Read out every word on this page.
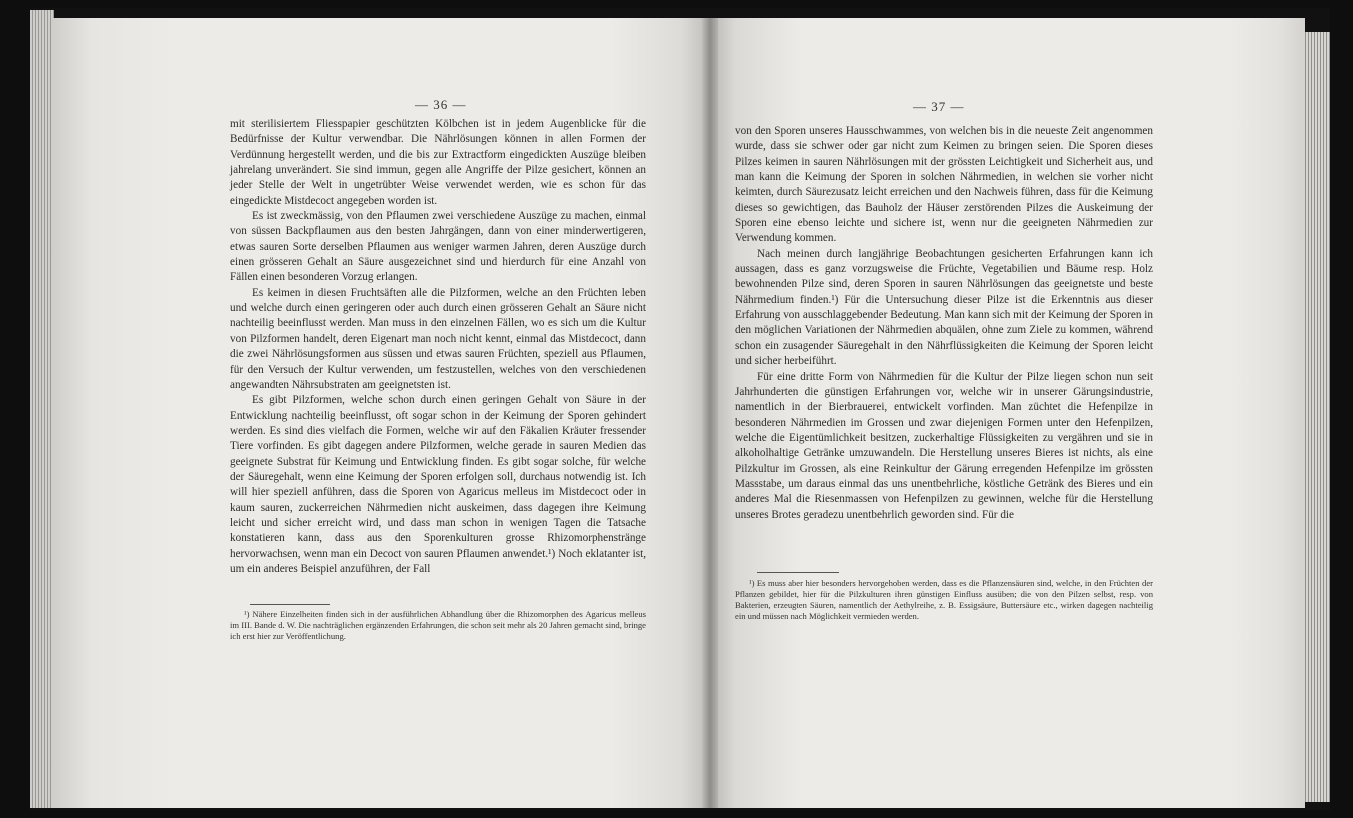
— 36 —

mit sterilisiertem Fliesspapier geschützten Kölbchen ist in jedem Augenblicke für die Bedürfnisse der Kultur verwendbar. Die Nährlösungen können in allen Formen der Verdünnung hergestellt werden, und die bis zur Extractform eingedickten Auszüge bleiben jahrelang unverändert. Sie sind immun, gegen alle Angriffe der Pilze gesichert, können an jeder Stelle der Welt in ungetrübter Weise verwendet werden, wie es schon für das eingedickte Mistdecoct angegeben worden ist.

Es ist zweckmässig, von den Pflaumen zwei verschiedene Auszüge zu machen, einmal von süssen Backpflaumen aus den besten Jahrgängen, dann von einer minderwertigeren, etwas sauren Sorte derselben Pflaumen aus weniger warmen Jahren, deren Auszüge durch einen grösseren Gehalt an Säure ausgezeichnet sind und hierdurch für eine Anzahl von Fällen einen besonderen Vorzug erlangen.

Es keimen in diesen Fruchtsäften alle die Pilzformen, welche an den Früchten leben und welche durch einen geringeren oder auch durch einen grösseren Gehalt an Säure nicht nachteilig beeinflusst werden. Man muss in den einzelnen Fällen, wo es sich um die Kultur von Pilzformen handelt, deren Eigenart man noch nicht kennt, einmal das Mistdecoct, dann die zwei Nährlösungsformen aus süssen und etwas sauren Früchten, speziell aus Pflaumen, für den Versuch der Kultur verwenden, um festzustellen, welches von den verschiedenen angewandten Nährsubstraten am geeignetsten ist.

Es gibt Pilzformen, welche schon durch einen geringen Gehalt von Säure in der Entwicklung nachteilig beeinflusst, oft sogar schon in der Keimung der Sporen gehindert werden. Es sind dies vielfach die Formen, welche wir auf den Fäkalien Kräuter fressender Tiere vorfinden. Es gibt dagegen andere Pilzformen, welche gerade in sauren Medien das geeignete Substrat für Keimung und Entwicklung finden. Es gibt sogar solche, für welche der Säuregehalt, wenn eine Keimung der Sporen erfolgen soll, durchaus notwendig ist. Ich will hier speziell anführen, dass die Sporen von Agaricus melleus im Mistdecoct oder in kaum sauren, zuckerreichen Nährmedien nicht auskeimen, dass dagegen ihre Keimung leicht und sicher erreicht wird, und dass man schon in wenigen Tagen die Tatsache konstatieren kann, dass aus den Sporenkulturen grosse Rhizomorphenstränge hervorwachsen, wenn man ein Decoct von sauren Pflaumen anwendet.¹) Noch eklatanter ist, um ein anderes Beispiel anzuführen, der Fall

¹) Nähere Einzelheiten finden sich in der ausführlichen Abhandlung über die Rhizomorphen des Agaricus melleus im III. Bande d. W. Die nachträglichen ergänzenden Erfahrungen, die schon seit mehr als 20 Jahren gemacht sind, bringe ich erst hier zur Veröffentlichung.

— 37 —

von den Sporen unseres Hausschwammes, von welchen bis in die neueste Zeit angenommen wurde, dass sie schwer oder gar nicht zum Keimen zu bringen seien. Die Sporen dieses Pilzes keimen in sauren Nährlösungen mit der grössten Leichtigkeit und Sicherheit aus, und man kann die Keimung der Sporen in solchen Nährmedien, in welchen sie vorher nicht keimten, durch Säurezusatz leicht erreichen und den Nachweis führen, dass für die Keimung dieses so gewichtigen, das Bauholz der Häuser zerstörenden Pilzes die Auskeimung der Sporen eine ebenso leichte und sichere ist, wenn nur die geeigneten Nährmedien zur Verwendung kommen.

Nach meinen durch langjährige Beobachtungen gesicherten Erfahrungen kann ich aussagen, dass es ganz vorzugsweise die Früchte, Vegetabilien und Bäume resp. Holz bewohnenden Pilze sind, deren Sporen in sauren Nährlösungen das geeignetste und beste Nährmedium finden.¹) Für die Untersuchung dieser Pilze ist die Erkenntnis aus dieser Erfahrung von ausschlaggebender Bedeutung. Man kann sich mit der Keimung der Sporen in den möglichen Variationen der Nährmedien abquälen, ohne zum Ziele zu kommen, während schon ein zusagender Säuregehalt in den Nährflüssigkeiten die Keimung der Sporen leicht und sicher herbeiführt.

Für eine dritte Form von Nährmedien für die Kultur der Pilze liegen schon nun seit Jahrhunderten die günstigen Erfahrungen vor, welche wir in unserer Gärungsindustrie, namentlich in der Bierbrauerei, entwickelt vorfinden. Man züchtet die Hefenpilze in besonderen Nährmedien im Grossen und zwar diejenigen Formen unter den Hefenpilzen, welche die Eigentümlichkeit besitzen, zuckerhaltige Flüssigkeiten zu vergähren und sie in alkoholhaltige Getränke umzuwandeln. Die Herstellung unseres Bieres ist nichts, als eine Pilzkultur im Grossen, als eine Reinkultur der Gärung erregenden Hefenpilze im grössten Massstabe, um daraus einmal das uns unentbehrliche, köstliche Getränk des Bieres und ein anderes Mal die Riesenmassen von Hefenpilzen zu gewinnen, welche für die Herstellung unseres Brotes geradezu unentbehrlich geworden sind. Für die

¹) Es muss aber hier besonders hervorgehoben werden, dass es die Pflanzensäuren sind, welche, in den Früchten der Pflanzen gebildet, hier für die Pilzkulturen ihren günstigen Einfluss ausüben; die von den Pilzen selbst, resp. von Bakterien, erzeugten Säuren, namentlich der Aethylreihe, z. B. Essigsäure, Buttersäure etc., wirken dagegen nachteilig ein und müssen nach Möglichkeit vermieden werden.
